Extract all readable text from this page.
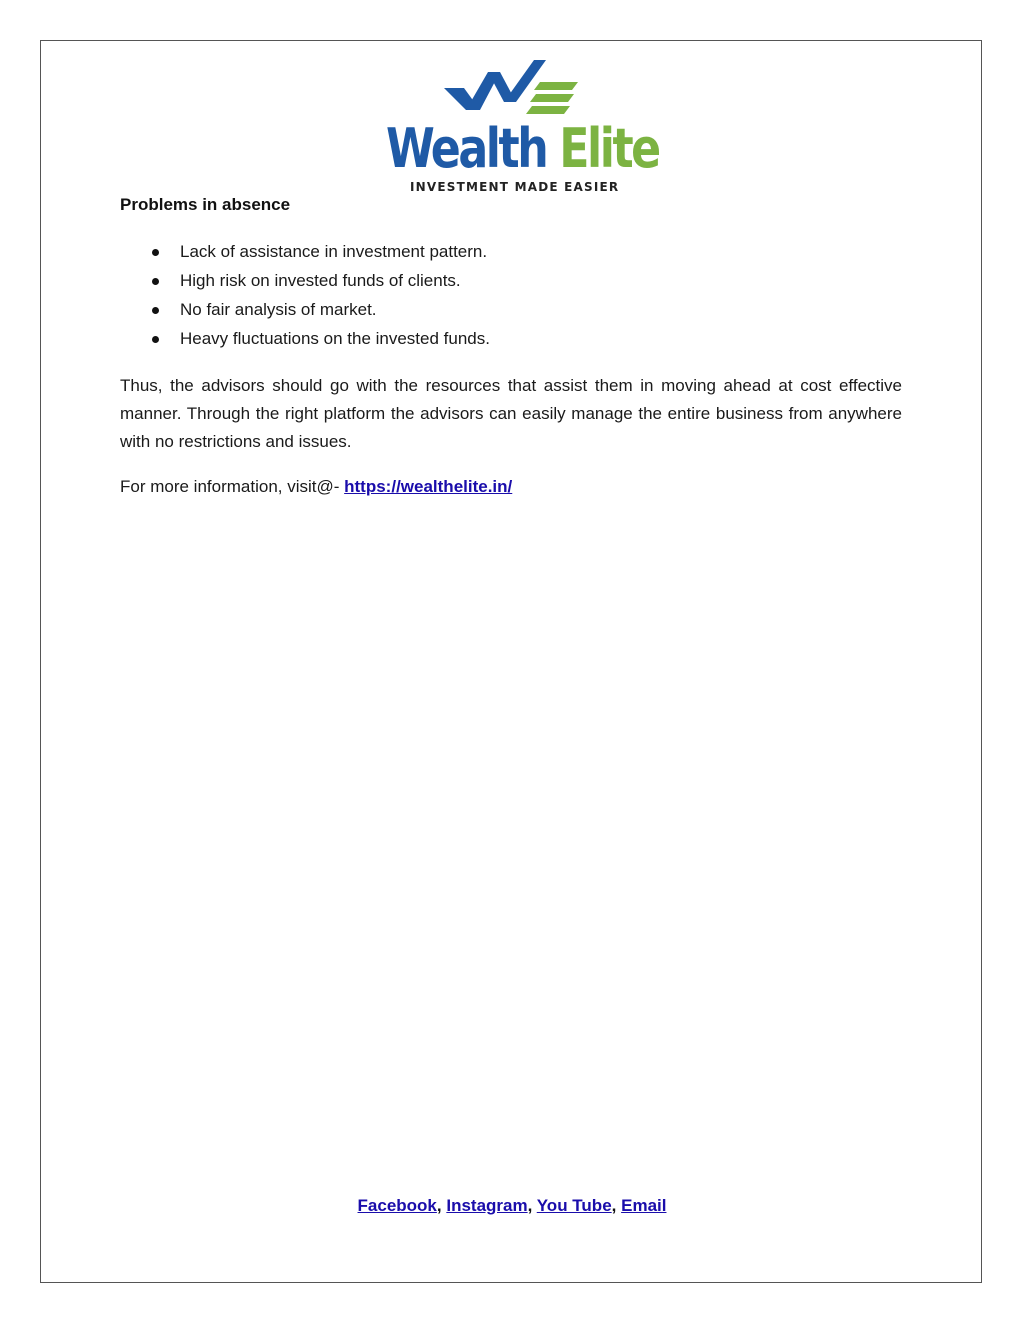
Wealth Elite
INVESTMENT MADE EASIER
Problems in absence
Lack of assistance in investment pattern.
High risk on invested funds of clients.
No fair analysis of market.
Heavy fluctuations on the invested funds.

Thus, the advisors should go with the resources that assist them in moving ahead at cost effective manner. Through the right platform the advisors can easily manage the entire business from anywhere with no restrictions and issues.

For more information, visit@- https://wealthelite.in/
Facebook, Instagram, You Tube, Email
